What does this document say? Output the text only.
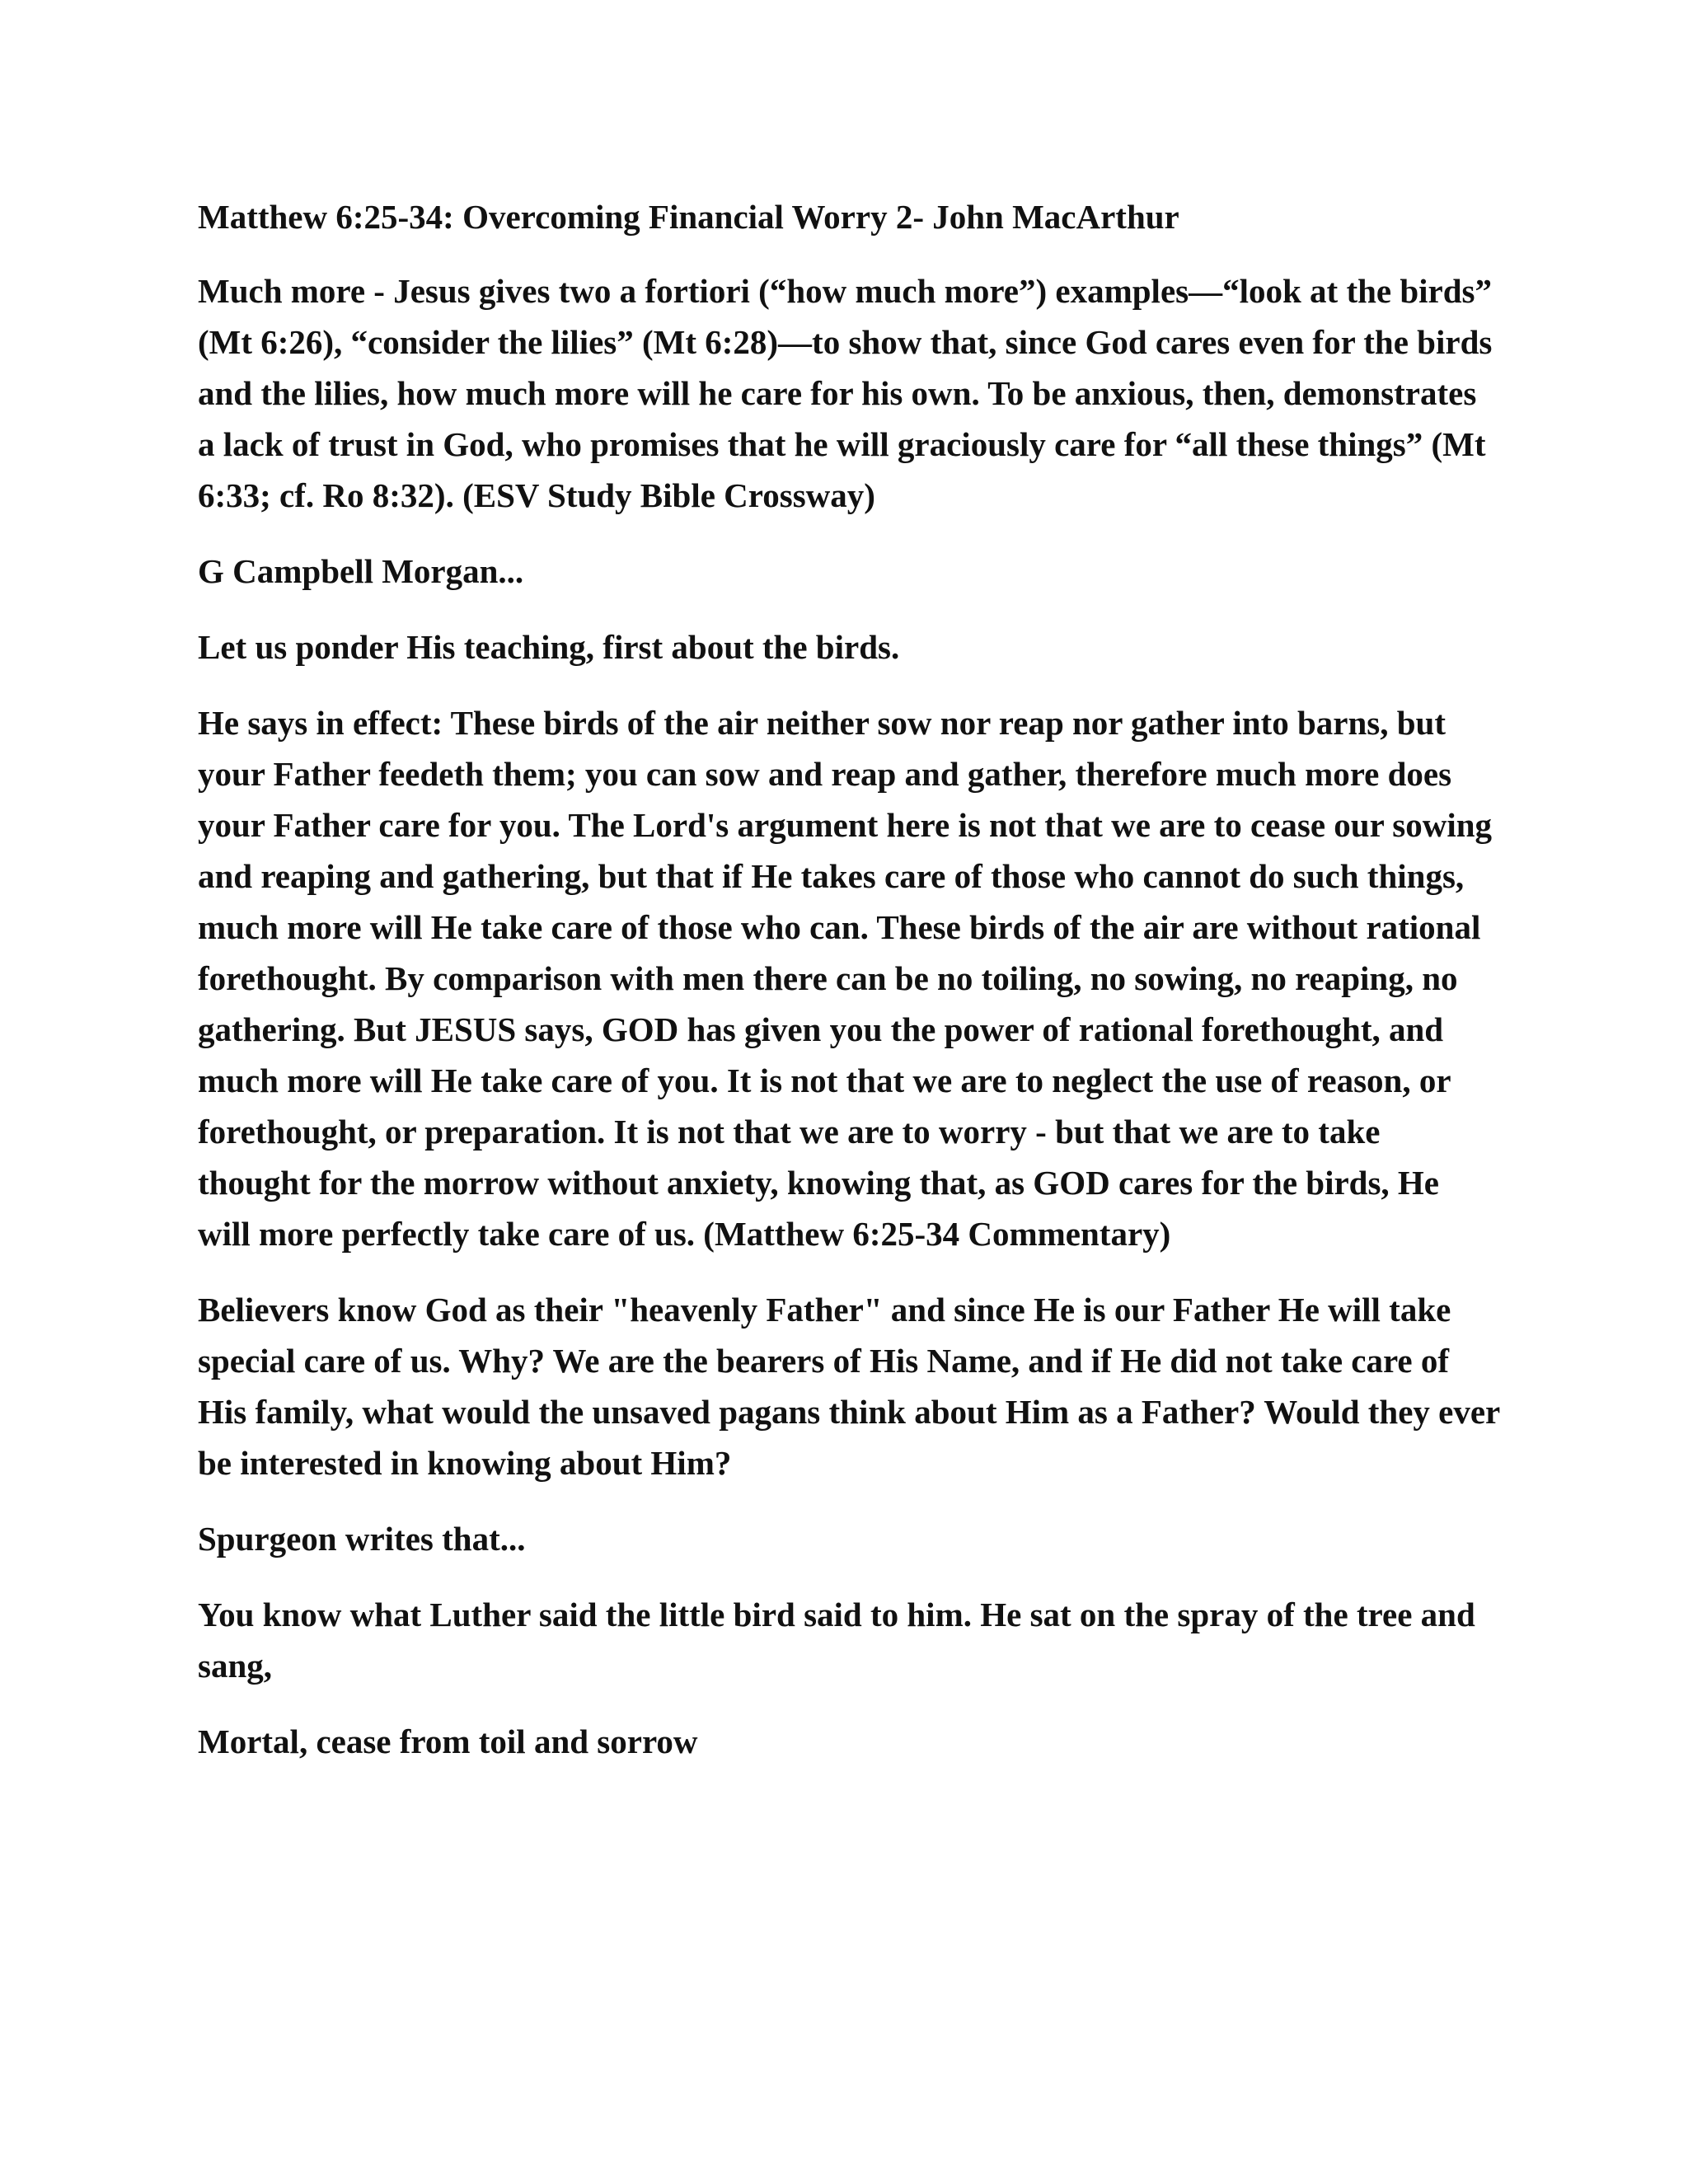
Matthew 6:25-34: Overcoming Financial Worry 2- John MacArthur

Much more - Jesus gives two a fortiori (“how much more”) examples—“look at the birds” (Mt 6:26), “consider the lilies” (Mt 6:28)—to show that, since God cares even for the birds and the lilies, how much more will he care for his own. To be anxious, then, demonstrates a lack of trust in God, who promises that he will graciously care for “all these things” (Mt 6:33; cf. Ro 8:32). (ESV Study Bible Crossway)

G Campbell Morgan...

Let us ponder His teaching, first about the birds.

He says in effect: These birds of the air neither sow nor reap nor gather into barns, but your Father feedeth them; you can sow and reap and gather, therefore much more does your Father care for you. The Lord's argument here is not that we are to cease our sowing and reaping and gathering, but that if He takes care of those who cannot do such things, much more will He take care of those who can. These birds of the air are without rational forethought. By comparison with men there can be no toiling, no sowing, no reaping, no gathering. But JESUS says, GOD has given you the power of rational forethought, and much more will He take care of you. It is not that we are to neglect the use of reason, or forethought, or preparation. It is not that we are to worry - but that we are to take thought for the morrow without anxiety, knowing that, as GOD cares for the birds, He will more perfectly take care of us. (Matthew 6:25-34 Commentary)

Believers know God as their "heavenly Father" and since He is our Father He will take special care of us. Why? We are the bearers of His Name, and if He did not take care of His family, what would the unsaved pagans think about Him as a Father? Would they ever be interested in knowing about Him?

Spurgeon writes that...

You know what Luther said the little bird said to him. He sat on the spray of the tree and sang,

Mortal, cease from toil and sorrow
